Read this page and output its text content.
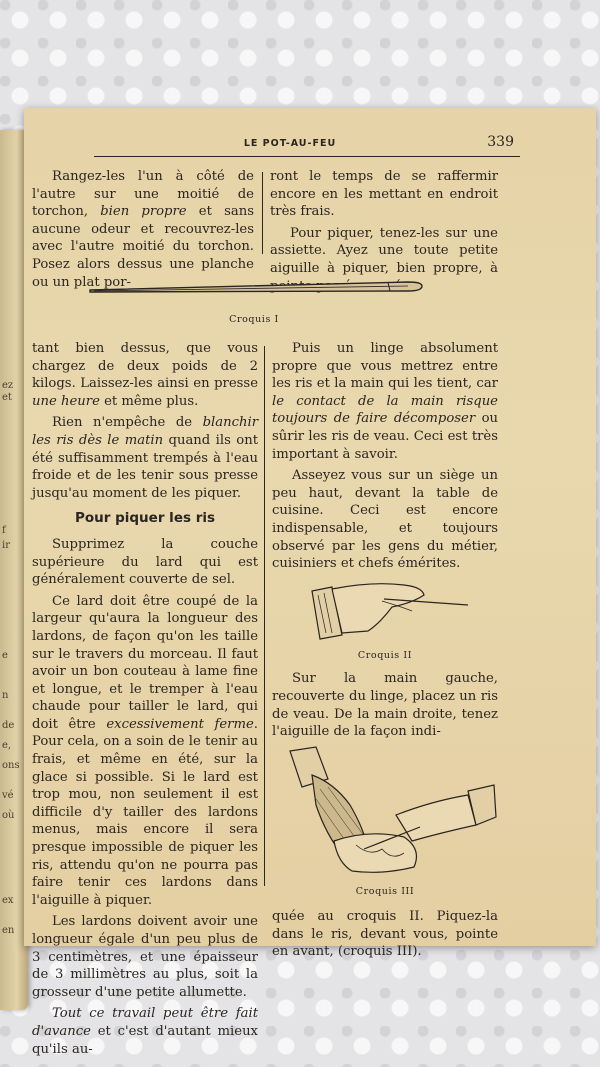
ez
et
f
ir
e
n
de
e,
ons
vé
où
ex
en
LE POT-AU-FEU	339

Rangez-les l'un à côté de l'autre sur une moitié de torchon, bien propre et sans aucune odeur et recouvrez-les avec l'autre moitié du torchon. Posez alors dessus une planche ou un plat por-

ront le temps de se raffermir encore en les mettant en endroit très frais.

Pour piquer, tenez-les sur une assiette. Ayez une toute petite aiguille à piquer, bien propre, à

Croquis I

tant bien dessus, que vous chargez de deux poids de 2 kilogs. Laissez-les ainsi en presse une heure et même plus.

Rien n'empêche de blanchir les ris dès le matin quand ils ont été suffisamment trempés à l'eau froide et de les tenir sous presse jusqu'au moment de les piquer.

Pour piquer les ris

Supprimez la couche supérieure du lard qui est généralement couverte de sel.

Ce lard doit être coupé de la largeur qu'aura la longueur des lardons, de façon qu'on les taille sur le travers du morceau. Il faut avoir un bon couteau à lame fine et longue, et le tremper à l'eau chaude pour tailler le lard, qui doit être excessivement ferme. Pour cela, on a soin de le tenir au frais, et même en été, sur la glace si possible. Si le lard est trop mou, non seulement il est difficile d'y tailler des lardons menus, mais encore il sera presque impossible de piquer les ris, attendu qu'on ne pourra pas faire tenir ces lardons dans l'aiguille à piquer.

Les lardons doivent avoir une longueur égale d'un peu plus de 3 centimètres, et une épaisseur de 3 millimètres au plus, soit la grosseur d'une petite allumette.

Tout ce travail peut être fait d'avance et c'est d'autant mieux qu'ils au-

Puis un linge absolument propre que vous mettrez entre les ris et la main qui les tient, car le contact de la main risque toujours de faire décomposer ou sûrir les ris de veau. Ceci est très important à savoir.

Asseyez vous sur un siège un peu haut, devant la table de cuisine. Ceci est encore indispensable, et toujours observé par les gens du métier, cuisiniers et chefs émérites.

Croquis II

Sur la main gauche, recouverte du linge, placez un ris de veau. De la main droite, tenez l'aiguille de la façon indi-

Croquis III

quée au croquis II. Piquez-la dans le ris, devant vous, pointe en avant, (croquis III).
